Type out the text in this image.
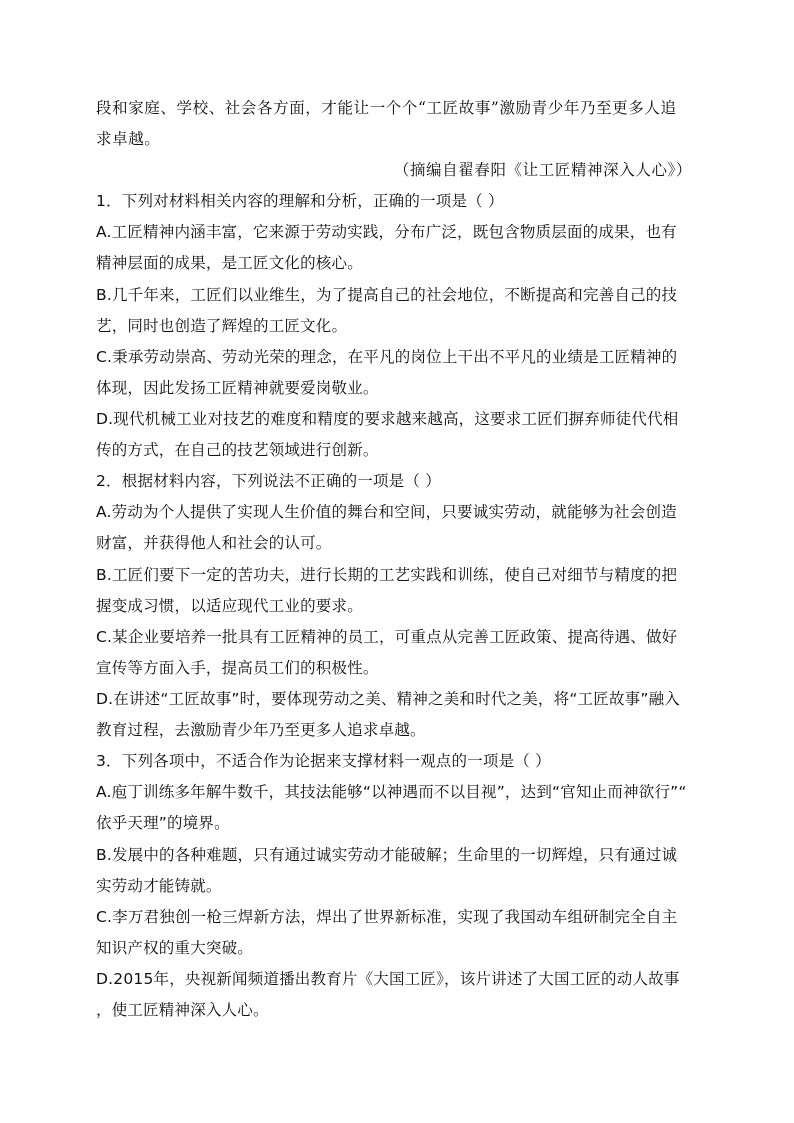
段和家庭、学校、社会各方面，才能让一个个“工匠故事”激励青少年乃至更多人追
求卓越。
（摘编自翟春阳《让工匠精神深入人心》）
1．下列对材料相关内容的理解和分析，正确的一项是（ ）
A.工匠精神内涵丰富，它来源于劳动实践，分布广泛，既包含物质层面的成果，也有
精神层面的成果，是工匠文化的核心。
B.几千年来，工匠们以业维生，为了提高自己的社会地位，不断提高和完善自己的技
艺，同时也创造了辉煌的工匠文化。
C.秉承劳动崇高、劳动光荣的理念，在平凡的岗位上干出不平凡的业绩是工匠精神的
体现，因此发扬工匠精神就要爱岗敬业。
D.现代机械工业对技艺的难度和精度的要求越来越高，这要求工匠们摒弃师徒代代相
传的方式，在自己的技艺领域进行创新。
2．根据材料内容，下列说法不正确的一项是（ ）
A.劳动为个人提供了实现人生价值的舞台和空间，只要诚实劳动，就能够为社会创造
财富，并获得他人和社会的认可。
B.工匠们要下一定的苦功夫，进行长期的工艺实践和训练，使自己对细节与精度的把
握变成习惯，以适应现代工业的要求。
C.某企业要培养一批具有工匠精神的员工，可重点从完善工匠政策、提高待遇、做好
宣传等方面入手，提高员工们的积极性。
D.在讲述“工匠故事”时，要体现劳动之美、精神之美和时代之美，将“工匠故事”融入
教育过程，去激励青少年乃至更多人追求卓越。
3．下列各项中，不适合作为论据来支撑材料一观点的一项是（ ）
A.庖丁训练多年解牛数千，其技法能够“以神遇而不以目视”，达到“官知止而神欲行”“
依乎天理”的境界。
B.发展中的各种难题，只有通过诚实劳动才能破解；生命里的一切辉煌，只有通过诚
实劳动才能铸就。
C.李万君独创一枪三焊新方法，焊出了世界新标准，实现了我国动车组研制完全自主
知识产权的重大突破。
D.2015年，央视新闻频道播出教育片《大国工匠》，该片讲述了大国工匠的动人故事
，使工匠精神深入人心。
